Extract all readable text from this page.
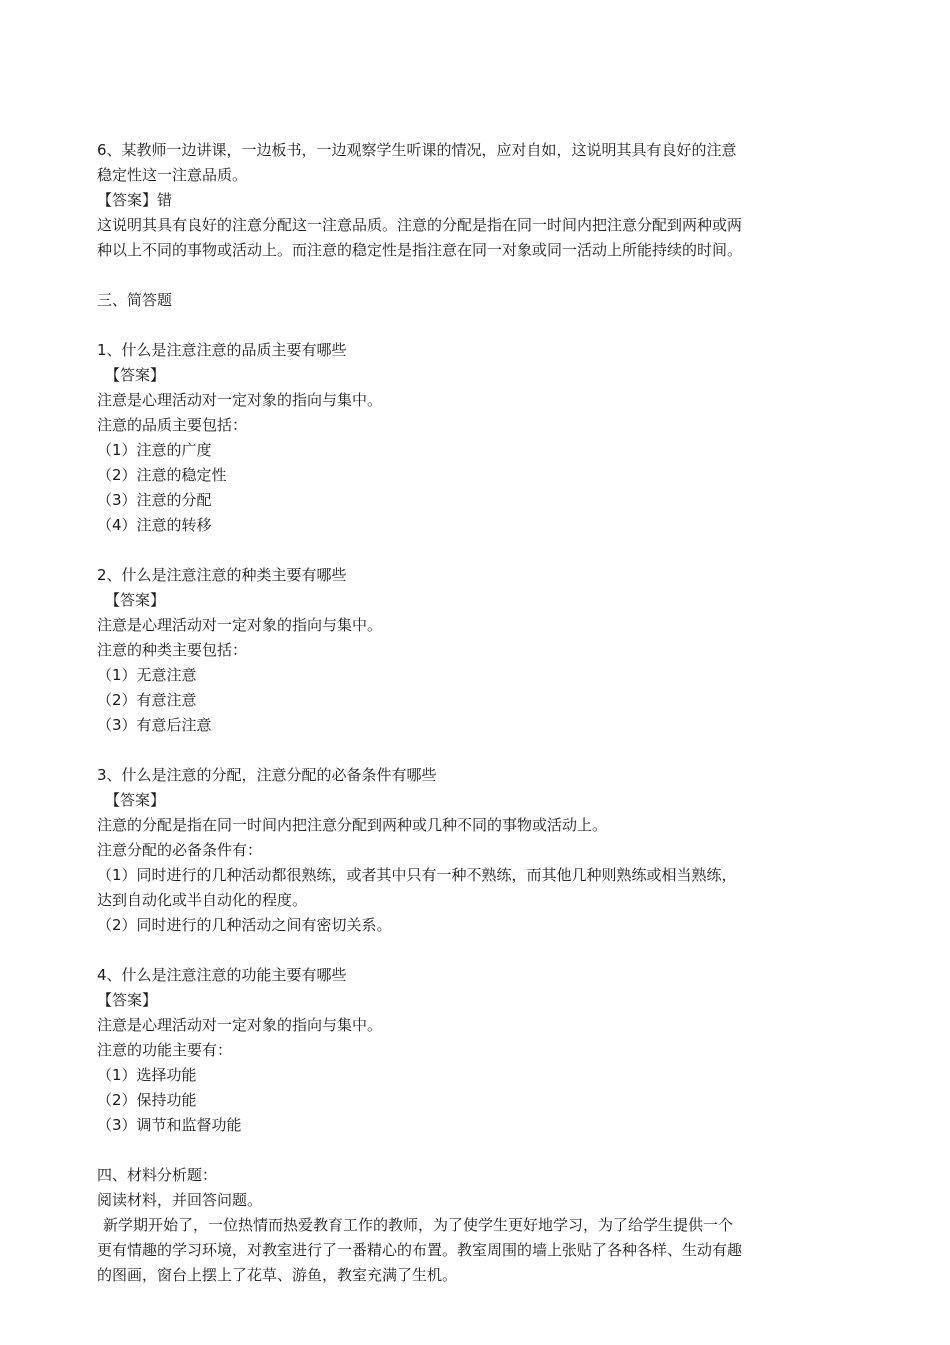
6、某教师一边讲课，一边板书，一边观察学生听课的情况，应对自如，这说明其具有良好的注意
稳定性这一注意品质。
【答案】错
这说明其具有良好的注意分配这一注意品质。注意的分配是指在同一时间内把注意分配到两种或两
种以上不同的事物或活动上。而注意的稳定性是指注意在同一对象或同一活动上所能持续的时间。
三、简答题
1、什么是注意注意的品质主要有哪些
【答案】
注意是心理活动对一定对象的指向与集中。
注意的品质主要包括：
（1）注意的广度
（2）注意的稳定性
（3）注意的分配
（4）注意的转移
2、什么是注意注意的种类主要有哪些
【答案】
注意是心理活动对一定对象的指向与集中。
注意的种类主要包括：
（1）无意注意
（2）有意注意
（3）有意后注意
3、什么是注意的分配，注意分配的必备条件有哪些
【答案】
注意的分配是指在同一时间内把注意分配到两种或几种不同的事物或活动上。
注意分配的必备条件有：
（1）同时进行的几种活动都很熟练，或者其中只有一种不熟练，而其他几种则熟练或相当熟练，
达到自动化或半自动化的程度。
（2）同时进行的几种活动之间有密切关系。
4、什么是注意注意的功能主要有哪些
【答案】
注意是心理活动对一定对象的指向与集中。
注意的功能主要有：
（1）选择功能
（2）保持功能
（3）调节和监督功能
四、材料分析题：
阅读材料，并回答问题。
新学期开始了，一位热情而热爱教育工作的教师，为了使学生更好地学习，为了给学生提供一个
更有情趣的学习环境，对教室进行了一番精心的布置。教室周围的墙上张贴了各种各样、生动有趣
的图画，窗台上摆上了花草、游鱼，教室充满了生机。
